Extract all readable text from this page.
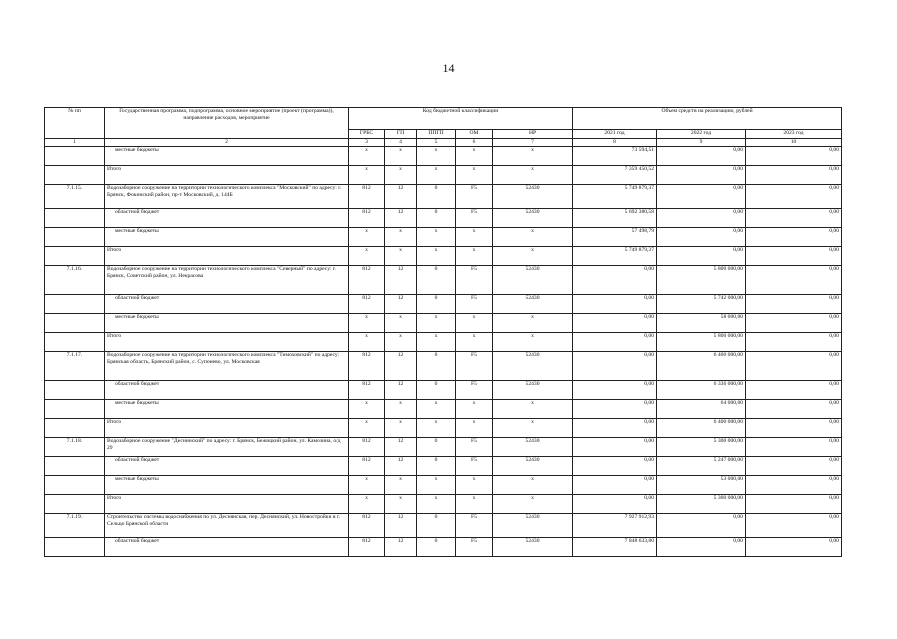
14
№ пп	Государственная программа, подпрограмма, основное мероприятие (проект (программа)), направление расходов, мероприятие	Код бюджетной классификации					Объем средств на реализацию, рублей		
		ГРБС	ГП	ППГП	ОМ	НР	2021 год	2022 год	2023 год
1	2	3	4	5	6	7	8	9	10
	местные бюджеты	x	x	x	x	x	73 594,51	0,00	0,00
	Итого	x	x	x	x	x	7 359 450,52	0,00	0,00
7.1.15.	Водозаборное сооружение на территории технологического комплекса "Московский" по адресу: г. Брянск, Фокинский район, пр-т Московский, д. 144Б	812	12	0	F5	52430	5 749 879,37	0,00	0,00
	областной бюджет	812	12	0	F5	52430	5 692 380,58	0,00	0,00
	местные бюджеты	x	x	x	x	x	57 498,79	0,00	0,00
	Итого	x	x	x	x	x	5 749 879,37	0,00	0,00
7.1.16.	Водозаборное сооружение на территории технологического комплекса "Северный" по адресу: г. Брянск, Советский район, ул. Некрасова	812	12	0	F5	52430	0,00	5 800 000,00	0,00
	областной бюджет	812	12	0	F5	52430	0,00	5 742 000,00	0,00
	местные бюджеты	x	x	x	x	x	0,00	58 000,00	0,00
	Итого	x	x	x	x	x	0,00	5 800 000,00	0,00
7.1.17.	Водозаборное сооружение на территории технологического комплекса "Тимоховский" по адресу: Брянская область, Брянский район, с. Супонево, ул. Московская	812	12	0	F5	52430	0,00	6 400 000,00	0,00
	областной бюджет	812	12	0	F5	52430	0,00	6 336 000,00	0,00
	местные бюджеты	x	x	x	x	x	0,00	64 000,00	0,00
	Итого	x	x	x	x	x	0,00	6 400 000,00	0,00
7.1.18.	Водозаборное сооружение "Деснинский" по адресу: г. Брянск, Бежицкий район, ул. Камозина, о/д 29	812	12	0	F5	52430	0,00	5 300 000,00	0,00
	областной бюджет	812	12	0	F5	52430	0,00	5 247 000,00	0,00
	местные бюджеты	x	x	x	x	x	0,00	53 000,00	0,00
	Итого	x	x	x	x	x	0,00	5 300 000,00	0,00
7.1.19.	Строительство системы водоснабжения по ул. Деснянская, пер. Деснянский, ул. Новостройки в г. Сельцо Брянской области	812	12	0	F5	52430	7 927 912,93	0,00	0,00
	областной бюджет	812	12	0	F5	52430	7 848 633,80	0,00	0,00
